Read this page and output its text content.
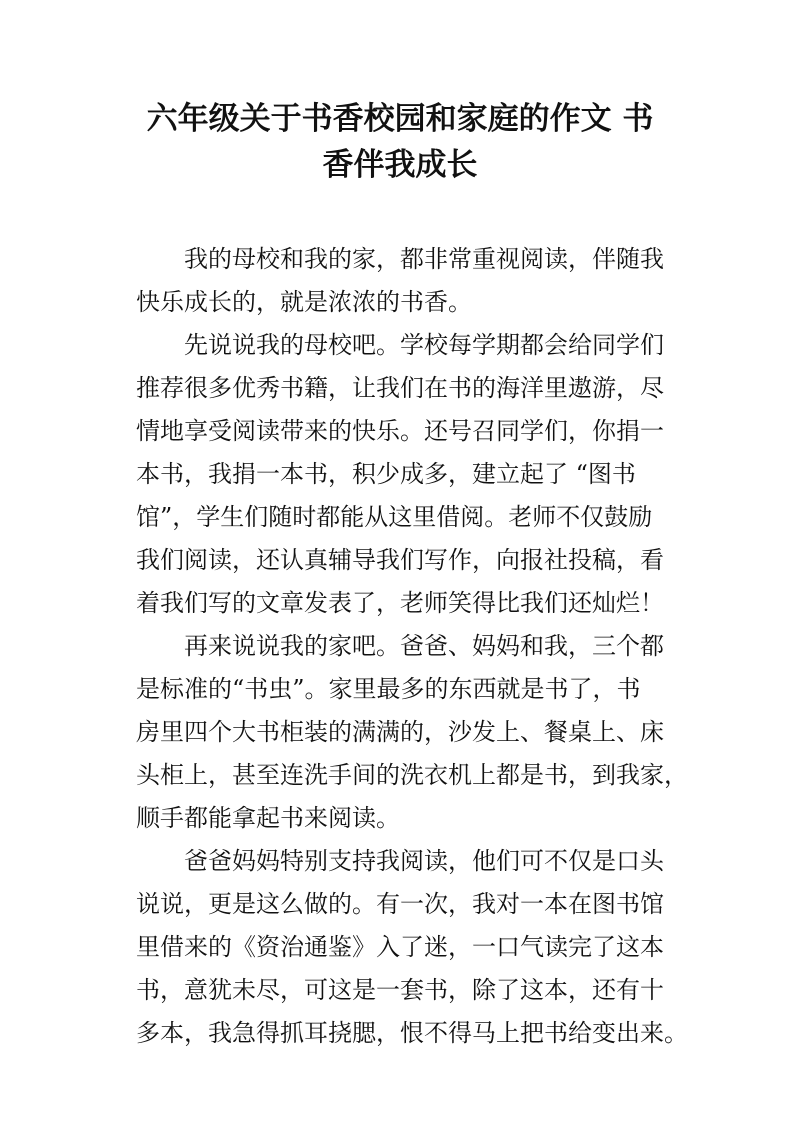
六年级关于书香校园和家庭的作文 书
香伴我成长
我的母校和我的家，都非常重视阅读，伴随我
快乐成长的，就是浓浓的书香。
先说说我的母校吧。学校每学期都会给同学们
推荐很多优秀书籍，让我们在书的海洋里遨游，尽
情地享受阅读带来的快乐。还号召同学们，你捐一
本书，我捐一本书，积少成多，建立起了 “图书
馆”，学生们随时都能从这里借阅。老师不仅鼓励
我们阅读，还认真辅导我们写作，向报社投稿，看
着我们写的文章发表了，老师笑得比我们还灿烂！
再来说说我的家吧。爸爸、妈妈和我，三个都
是标准的“书虫”。家里最多的东西就是书了，书
房里四个大书柜装的满满的，沙发上、餐桌上、床
头柜上，甚至连洗手间的洗衣机上都是书，到我家，
顺手都能拿起书来阅读。
爸爸妈妈特别支持我阅读，他们可不仅是口头
说说，更是这么做的。有一次，我对一本在图书馆
里借来的《资治通鉴》入了迷，一口气读完了这本
书，意犹未尽，可这是一套书，除了这本，还有十
多本，我急得抓耳挠腮，恨不得马上把书给变出来。
